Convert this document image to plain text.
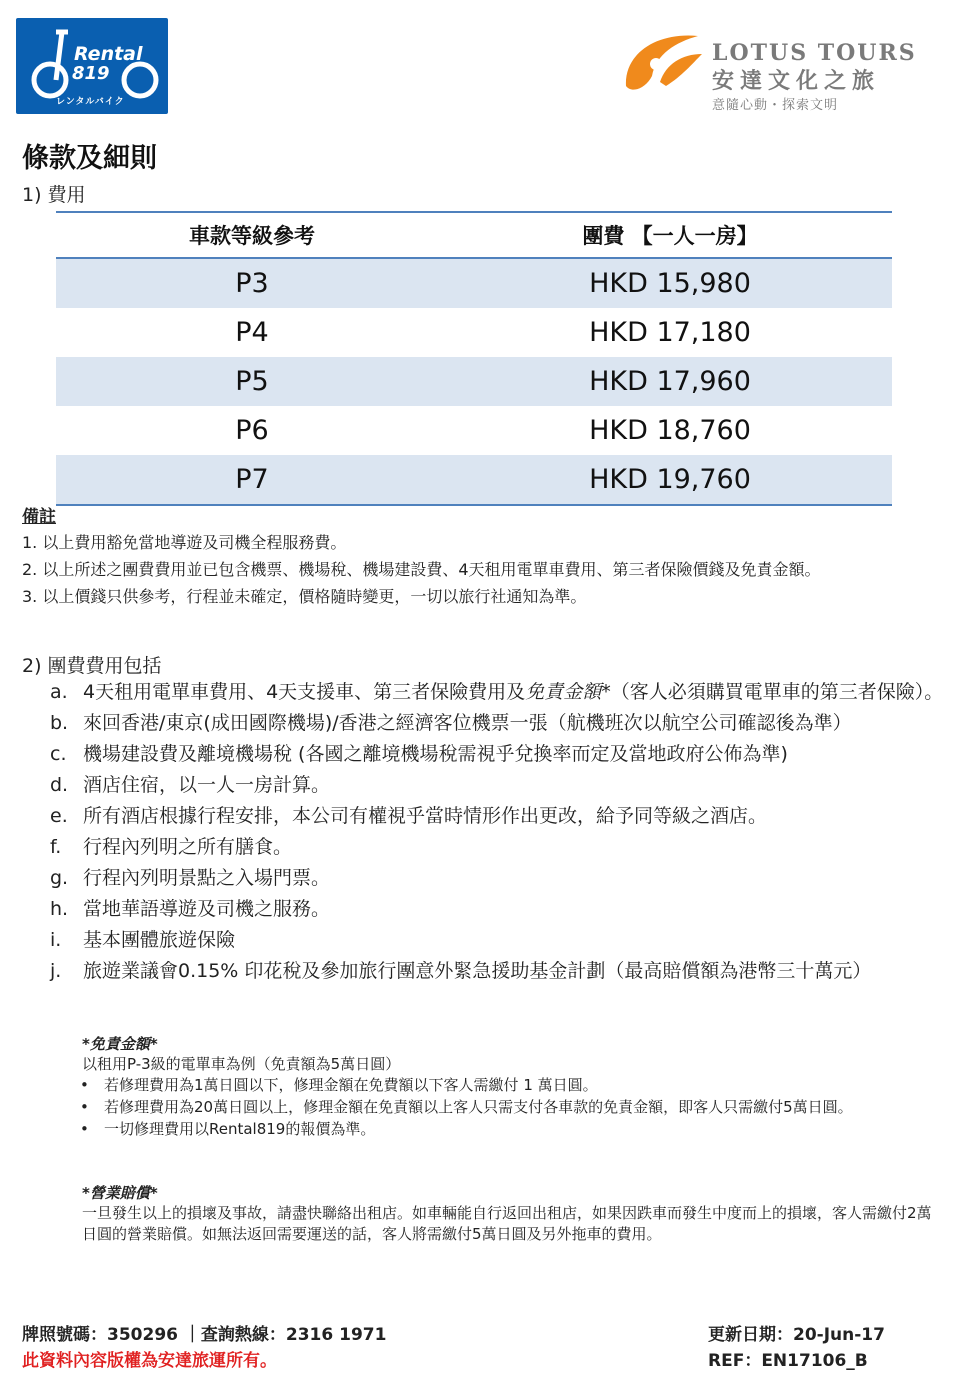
Rental
819
レンタルバイク
LOTUS TOURS
安達文化之旅
意隨心動・探索文明
條款及細則
1) 費用
車款等級參考	團費 【一人一房】
P3	HKD 15,980
P4	HKD 17,180
P5	HKD 17,960
P6	HKD 18,760
P7	HKD 19,760
備註
1. 以上費用豁免當地導遊及司機全程服務費。
2. 以上所述之團費費用並已包含機票、機場稅、機場建設費、4天租用電單車費用、第三者保險價錢及免責金額。
3. 以上價錢只供參考，行程並未確定，價格隨時變更，一切以旅行社通知為準。
2) 團費費用包括
a. 4天租用電單車費用、4天支援車、第三者保險費用及免責金額*（客人必須購買電單車的第三者保險）。
b. 來回香港/東京(成田國際機場)/香港之經濟客位機票一張（航機班次以航空公司確認後為準）
c. 機場建設費及離境機場稅 (各國之離境機場稅需視乎兌換率而定及當地政府公佈為準)
d. 酒店住宿，以一人一房計算。
e. 所有酒店根據行程安排，本公司有權視乎當時情形作出更改，給予同等級之酒店。
f.	行程內列明之所有膳食。
g. 行程內列明景點之入場門票。
h. 當地華語導遊及司機之服務。
i.	基本團體旅遊保險
j.	旅遊業議會0.15% 印花稅及參加旅行團意外緊急援助基金計劃（最高賠償額為港幣三十萬元）
*免責金額*
以租用P-3級的電單車為例（免責額為5萬日圓）
•	若修理費用為1萬日圓以下，修理金額在免費額以下客人需繳付 1 萬日圓。
•	若修理費用為20萬日圓以上，修理金額在免責額以上客人只需支付各車款的免責金額，即客人只需繳付5萬日圓。
•	一切修理費用以Rental819的報價為準。
*營業賠償*
一旦發生以上的損壞及事故，請盡快聯絡出租店。如車輛能自行返回出租店，如果因跌車而發生中度而上的損壞，客人需繳付2萬日圓的營業賠償。如無法返回需要運送的話，客人將需繳付5萬日圓及另外拖車的費用。
牌照號碼：350296 ｜查詢熱線：2316 1971
此資料內容版權為安達旅運所有。
更新日期：20-Jun-17
REF：EN17106_B
